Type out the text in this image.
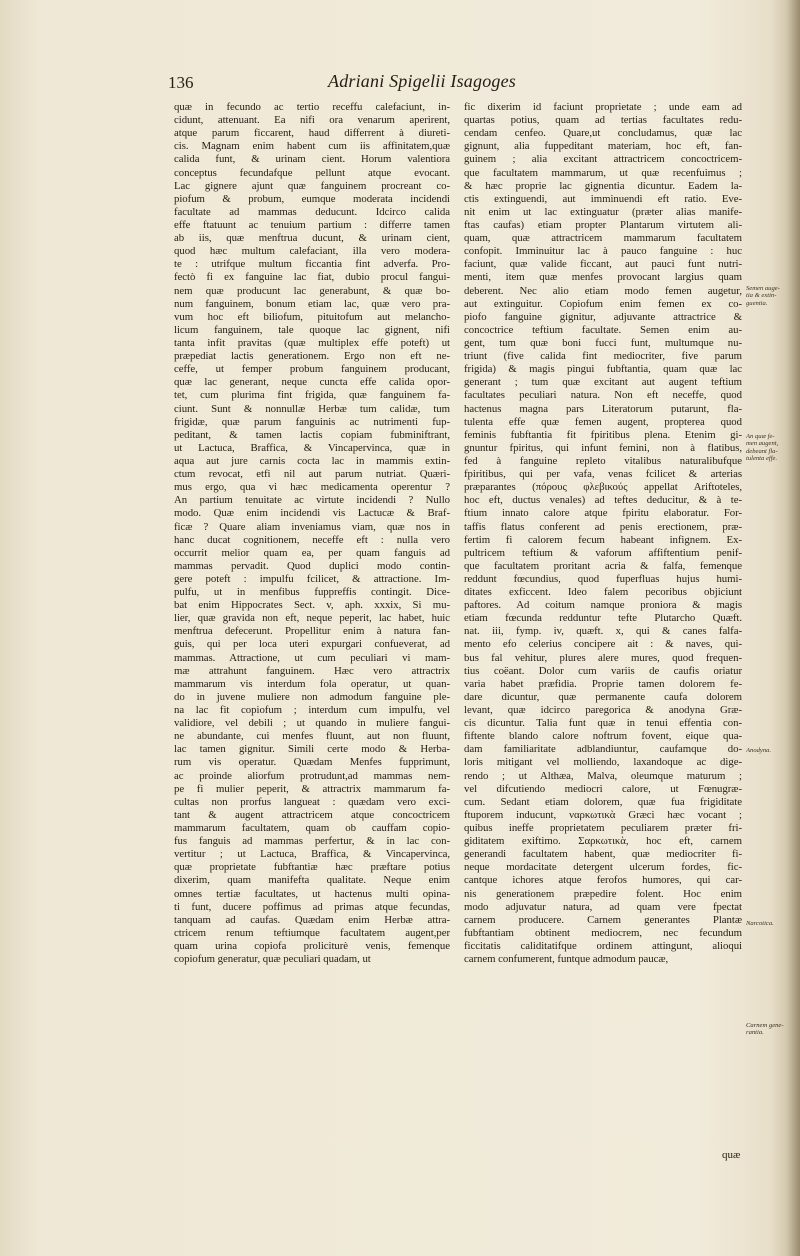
136	Adriani Spigelii Isagoges
quæ in fecundo ac tertio receffu calefaciunt, in-
cidunt, attenuant. Ea nifi ora venarum aperirent,
atque parum ficcarent, haud differrent à diureti-
cis. Magnam enim habent cum iis affinitatem,quæ
calida funt, & urinam cient. Horum valentiora
conceptus fecundafque pellunt atque evocant.
Lac gignere ajunt quæ fanguinem procreant co-
piofum & probum, eumque moderata incidendi
facultate ad mammas deducunt. Idcirco calida
effe ftatuunt ac tenuium partium : differre tamen
ab iis, quæ menftrua ducunt, & urinam cient,
quod hæc multum calefaciant, illa vero modera-
te : utrifque multum ficcantia fint adverfa. Pro-
fectò fi ex fanguine lac fiat, dubio procul fangui-
nem quæ producunt lac generabunt, & quæ bo-
num fanguinem, bonum etiam lac, quæ vero pra-
vum hoc eft biliofum, pituitofum aut melancho-
licum fanguinem, tale quoque lac gignent, nifi
tanta infit pravitas (quæ multiplex effe poteft) ut
præpediat lactis generationem. Ergo non eft ne-
ceffe, ut femper probum fanguinem producant,
quæ lac generant, neque cuncta effe calida opor-
tet, cum plurima fint frigida, quæ fanguinem fa-
ciunt. Sunt & nonnullæ Herbæ tum calidæ, tum
frigidæ, quæ parum fanguinis ac nutrimenti fup-
peditant, & tamen lactis copiam fubminiftrant,
ut Lactuca, Braffica, & Vincapervinca, quæ in
aqua aut jure carnis cocta lac in mammis extin-
ctum revocat, etfi nil aut parum nutriat. Quæri-
mus ergo, qua vi hæc medicamenta operentur ?
An partium tenuitate ac virtute incidendi ? Nullo
modo. Quæ enim incidendi vis Lactucæ & Braf-
ficæ ? Quare aliam inveniamus viam, quæ nos in
hanc ducat cognitionem, neceffe eft : nulla vero
occurrit melior quam ea, per quam fanguis ad
mammas pervadit. Quod duplici modo contin-
gere poteft : impulfu fcilicet, & attractione. Im-
pulfu, ut in menfibus fuppreffis contingit. Dice-
bat enim Hippocrates Sect. v, aph. xxxix, Si mu-
lier, quæ gravida non eft, neque peperit, lac habet, huic
menftrua defecerunt. Propellitur enim à natura fan-
guis, qui per loca uteri expurgari confueverat, ad
mammas. Attractione, ut cum peculiari vi mam-
mæ attrahunt fanguinem. Hæc vero attractrix
mammarum vis interdum fola operatur, ut quan-
do in juvene muliere non admodum fanguine ple-
na lac fit copiofum ; interdum cum impulfu, vel
validiore, vel debili ; ut quando in muliere fangui-
ne abundante, cui menfes fluunt, aut non fluunt,
lac tamen gignitur. Simili certe modo & Herba-
rum vis operatur. Quædam Menfes fupprimunt,
ac proinde aliorfum protrudunt,ad mammas nem-
pe fi mulier peperit, & attractrix mammarum fa-
cultas non prorfus langueat : quædam vero exci-
tant & augent attractricem atque concoctricem
mammarum facultatem, quam ob cauffam copio-
fus fanguis ad mammas perfertur, & in lac con-
vertitur ; ut Lactuca, Braffica, & Vincapervinca,
quæ proprietate fubftantiæ hæc præftare potius
dixerim, quam manifefta qualitate. Neque enim
omnes tertiæ facultates, ut hactenus multi opina-
ti funt, ducere poffimus ad primas atque fecundas,
tanquam ad caufas. Quædam enim Herbæ attra-
ctricem renum teftiumque facultatem augent,per
quam urina copiofa proliciturè venis, femenque
copiofum generatur, quæ peculiari quadam, ut
fic dixerim id faciunt proprietate ; unde eam ad
quartas potius, quam ad tertias facultates redu-
cendam cenfeo. Quare,ut concludamus, quæ lac
gignunt, alia fuppeditant materiam, hoc eft, fan-
guinem ; alia excitant attractricem concoctricem-
que facultatem mammarum, ut quæ recenfuimus ;
& hæc proprie lac gignentia dicuntur. Eadem la-
ctis extinguendi, aut imminuendi eft ratio. Eve-
nit enim ut lac extinguatur (præter alias manife-
ftas caufas) etiam propter Plantarum virtutem ali-
quam, quæ attractricem mammarum facultatem
confopit. Imminuitur lac à pauco fanguine : huc
faciunt, quæ valide ficcant, aut pauci funt nutri-
menti, item quæ menfes provocant largius quam
deberent. Nec alio etiam modo femen augetur,
aut extinguitur. Copiofum enim femen ex co-
piofo fanguine gignitur, adjuvante attractrice &
concoctrice teftium facultate. Semen enim au-
gent, tum quæ boni fucci funt, multumque nu-
triunt (five calida fint mediocriter, five parum
frigida) & magis pingui fubftantia, quam quæ lac
generant ; tum quæ excitant aut augent teftium
facultates peculiari natura. Non eft neceffe, quod
hactenus magna pars Literatorum putarunt, fla-
tulenta effe quæ femen augent, propterea quod
feminis fubftantia fit fpiritibus plena. Etenim gi-
gnuntur fpiritus, qui infunt femini, non à flatibus,
fed à fanguine repleto vitalibus naturalibufque
fpiritibus, qui per vafa, venas fcilicet & arterias
præparantes (πόρους φλεβικούς appellat Ariftoteles,
hoc eft, ductus venales) ad teftes deducitur, & à te-
ftium innato calore atque fpiritu elaboratur. For-
taffis flatus conferent ad penis erectionem, præ-
fertim fi calorem fecum habeant infignem. Ex-
pultricem teftium & vaforum affiftentium penif-
que facultatem proritant acria & falfa, femenque
reddunt fœcundius, quod fuperfluas hujus humi-
ditates exficcent. Ideo falem pecoribus objiciunt
paftores. Ad coitum namque proniora & magis
etiam fœcunda redduntur tefte Plutarcho Quæft.
nat. iii, fymp. iv, quæft. x, qui & canes falfa-
mento efo celerius concipere ait : & naves, qui-
bus fal vehitur, plures alere mures, quod frequen-
tius coëant. Dolor cum variis de caufis oriatur
varia habet præfidia. Proprie tamen dolorem fe-
dare dicuntur, quæ permanente caufa dolorem
levant, quæ idcirco paregorica & anodyna Græ-
cis dicuntur. Talia funt quæ in tenui effentia con-
fiftente blando calore noftrum fovent, eique qua-
dam familiaritate adblandiuntur, caufamque do-
loris mitigant vel molliendo, laxandoque ac dige-
rendo ; ut Althæa, Malva, oleumque maturum ;
vel difcutiendo mediocri calore, ut Fœnugræ-
cum. Sedant etiam dolorem, quæ fua frigiditate
ftuporem inducunt, ναρκωτικὰ Græci hæc vocant ;
quibus ineffe proprietatem peculiarem præter fri-
giditatem exiftimo. Σαρκωτικὰ, hoc eft, carnem
generandi facultatem habent, quæ mediocriter fi-
neque mordacitate detergent ulcerum fordes, fic-
cantque ichores atque ferofos humores, qui car-
nis generationem præpedire folent. Hoc enim
modo adjuvatur natura, ad quam vere fpectat
carnem producere. Carnem generantes Plantæ
fubftantiam obtinent mediocrem, nec fecundum
ficcitatis caliditatifque ordinem attingunt, alioqui
carnem confumerent, funtque admodum paucæ,
Semen auge-
tia & extin-
guentia.
An quæ fe-
men augent,
debeant fla-
tulenta effe.
Anodyna.
Narcotica.
Carnem gene-
rantia.
quæ
